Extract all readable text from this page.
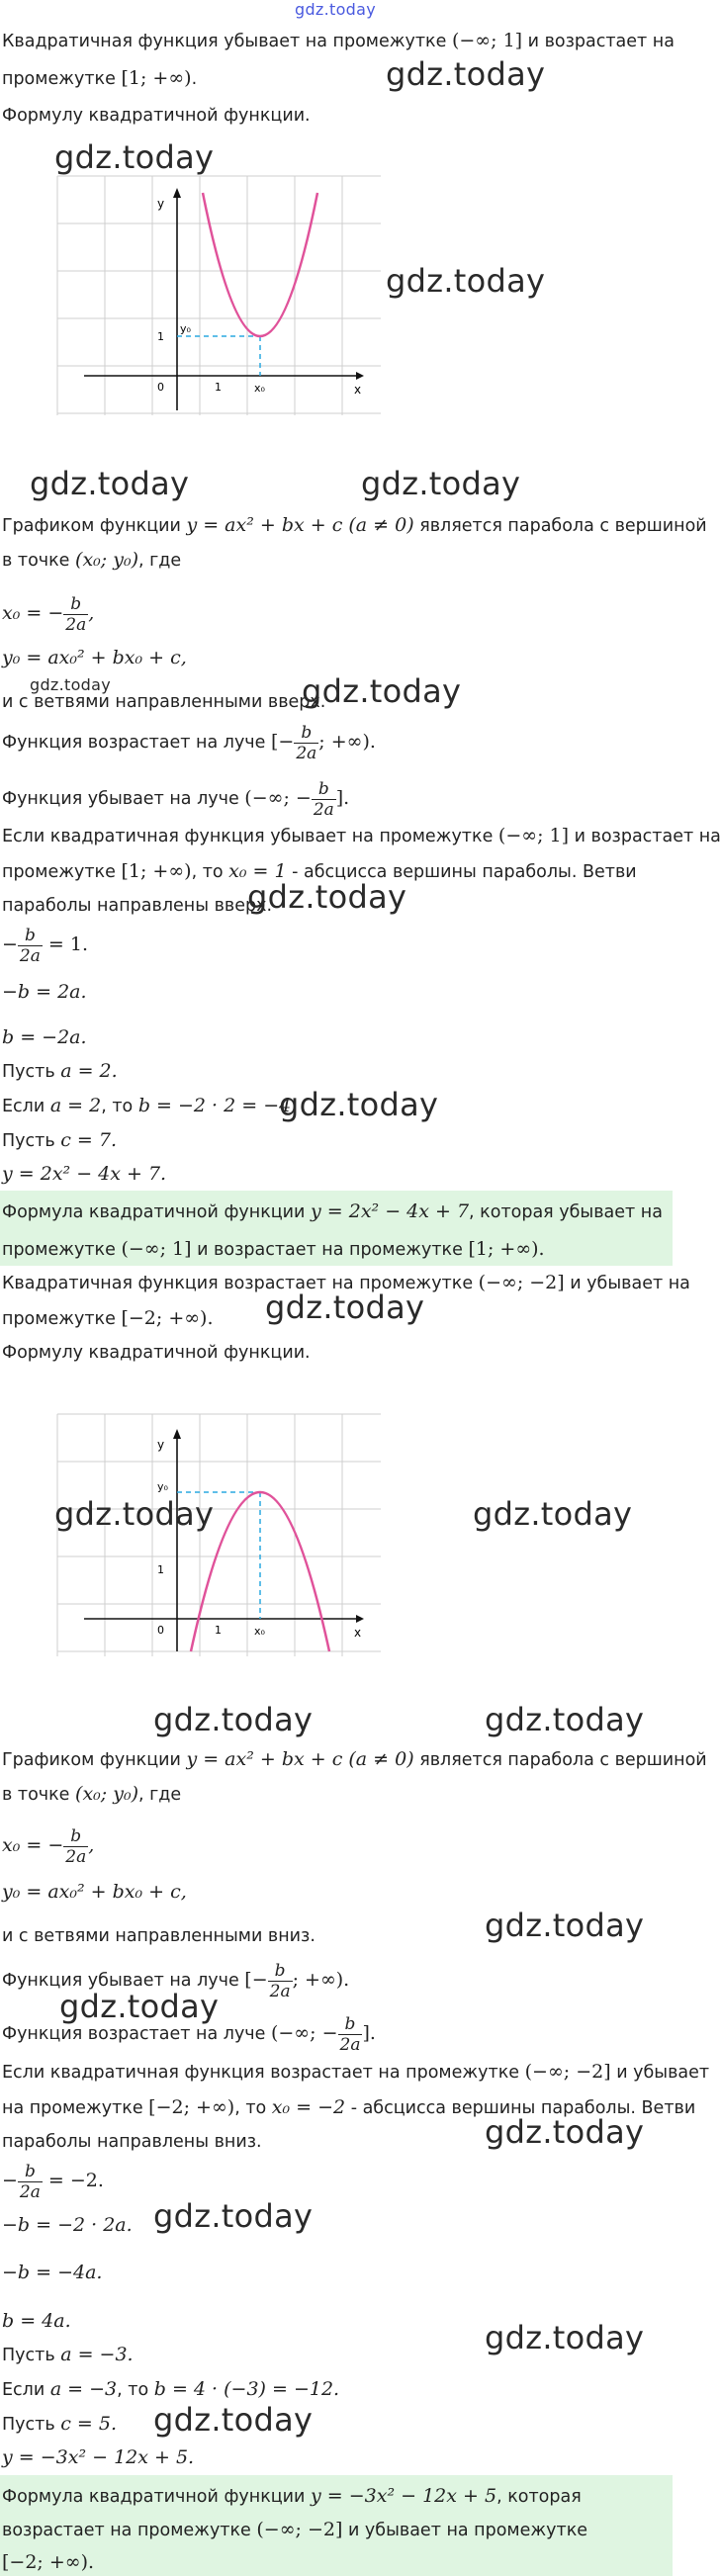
gdz.today
Квадратичная функция убывает на промежутке (−∞; 1] и возрастает на
промежутке [1; +∞).
Формулу квадратичной функции.
gdz.today
gdz.today
gdz.today
y
x
1
y₀
0	1	x₀
gdz.today	gdz.today
Графиком функции y = ax² + bx + c (a ≠ 0) является парабола с вершиной
в точке (x₀; y₀), где
x₀ = − $\frac{b}{2a}$ ,
y₀ = ax₀² + bx₀ + c,
gdz.today
и с ветвями направленными вверх.
gdz.today
Функция возрастает на луче [− $\frac{b}{2a}$ ; +∞).
Функция убывает на луче (−∞; − $\frac{b}{2a}$ ].
Если квадратичная функция убывает на промежутке (−∞; 1] и возрастает на
промежутке [1; +∞), то x₀ = 1 - абсцисса вершины параболы. Ветви
параболы направлены вверх.
gdz.today
− $\frac{b}{2a} = 1$.
−b = 2a.
b = −2a.
Пусть a = 2.
Если a = 2, то b = −2 · 2 = −4.
gdz.today
Пусть c = 7.
y = 2x² − 4x + 7.
Формула квадратичной функции y = 2x² − 4x + 7, которая убывает на
промежутке (−∞; 1] и возрастает на промежутке [1; +∞).
Квадратичная функция возрастает на промежутке (−∞; −2] и убывает на
промежутке [−2; +∞).	gdz.today
Формулу квадратичной функции.
y
x
y₀
1
0	1	x₀
gdz.today	gdz.today
gdz.today	gdz.today
Графиком функции y = ax² + bx + c (a ≠ 0) является парабола с вершиной
в точке (x₀; y₀), где
x₀ = − $\frac{b}{2a}$ ,
y₀ = ax₀² + bx₀ + c,
и с ветвями направленными вниз.	gdz.today
Функция убывает на луче [− $\frac{b}{2a}$ ; +∞).
gdz.today
Функция возрастает на луче (−∞; − $\frac{b}{2a}$ ].
Если квадратичная функция возрастает на промежутке (−∞; −2] и убывает
на промежутке [−2; +∞), то x₀ = −2 - абсцисса вершины параболы. Ветви
параболы направлены вниз.	gdz.today
− $\frac{b}{2a} = -2$.
−b = −2 · 2a. gdz.today
−b = −4a.
b = 4a.
Пусть a = −3.	gdz.today
Если a = −3, то b = 4 · (−3) = −12.
Пусть c = 5.	gdz.today
y = −3x² − 12x + 5.
Формула квадратичной функции y = −3x² − 12x + 5, которая
возрастает на промежутке (−∞; −2] и убывает на промежутке
[−2; +∞).
